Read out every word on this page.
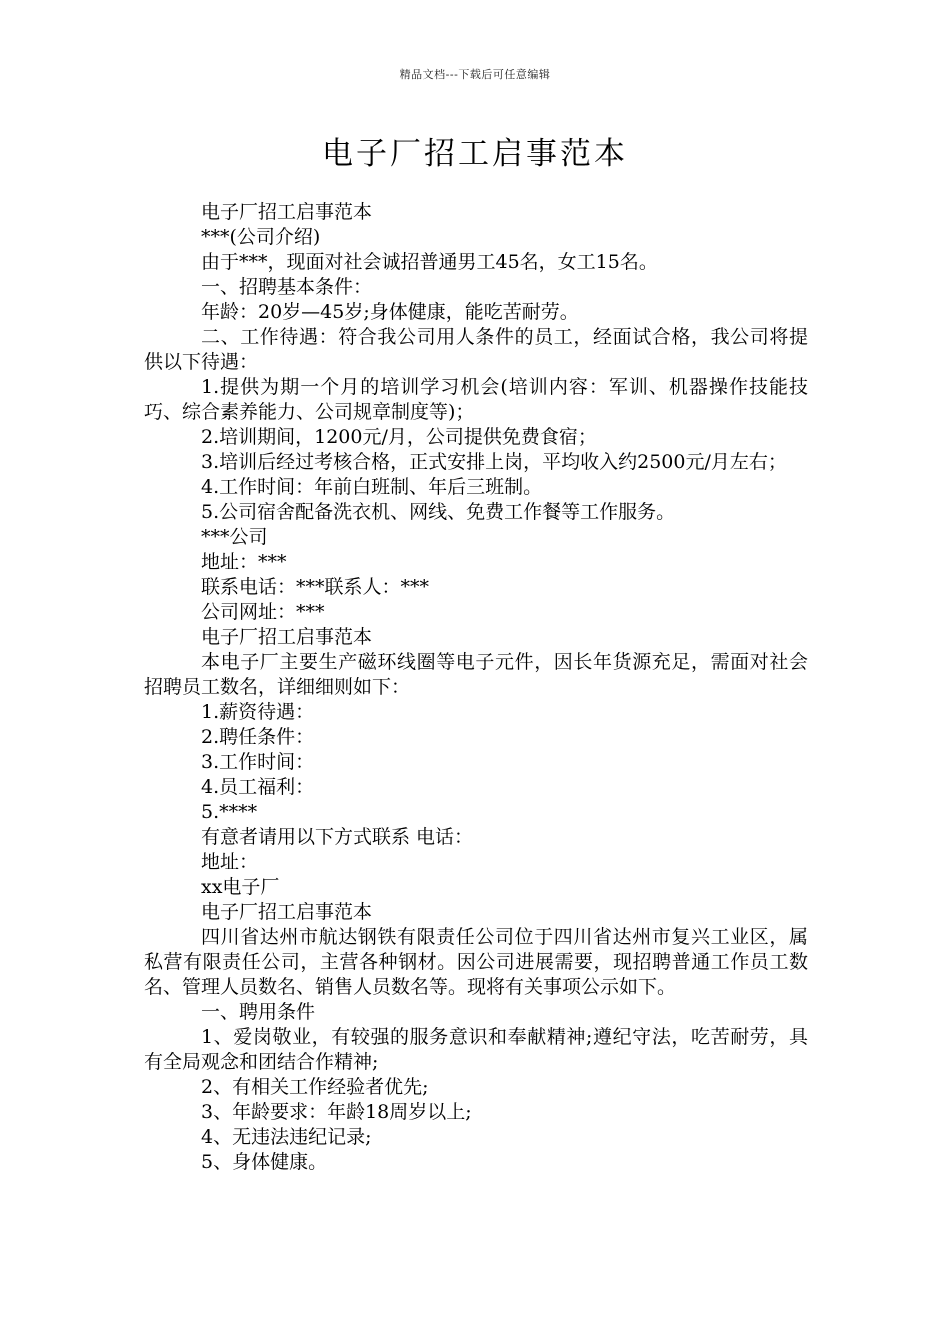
精品文档---下载后可任意编辑
电子厂招工启事范本

电子厂招工启事范本

***(公司介绍)

由于***，现面对社会诚招普通男工45名，女工15名。

一、招聘基本条件：

年龄：20岁—45岁;身体健康，能吃苦耐劳。

二、工作待遇：符合我公司用人条件的员工，经面试合格，我公司将提供以下待遇：

1.提供为期一个月的培训学习机会(培训内容：军训、机器操作技能技巧、综合素养能力、公司规章制度等)；

2.培训期间，1200元/月，公司提供免费食宿；

3.培训后经过考核合格，正式安排上岗，平均收入约2500元/月左右；

4.工作时间：年前白班制、年后三班制。

5.公司宿舍配备洗衣机、网线、免费工作餐等工作服务。

***公司

地址：***

联系电话：***联系人：***

公司网址：***

电子厂招工启事范本

本电子厂主要生产磁环线圈等电子元件，因长年货源充足，需面对社会招聘员工数名，详细细则如下：

1.薪资待遇：

2.聘任条件：

3.工作时间：

4.员工福利：

5.****

有意者请用以下方式联系 电话：

地址：

xx电子厂

电子厂招工启事范本

四川省达州市航达钢铁有限责任公司位于四川省达州市复兴工业区，属私营有限责任公司，主营各种钢材。因公司进展需要，现招聘普通工作员工数名、管理人员数名、销售人员数名等。现将有关事项公示如下。

一、聘用条件

1、爱岗敬业，有较强的服务意识和奉献精神;遵纪守法，吃苦耐劳，具有全局观念和团结合作精神;

2、有相关工作经验者优先;

3、年龄要求：年龄18周岁以上;

4、无违法违纪记录;

5、身体健康。
